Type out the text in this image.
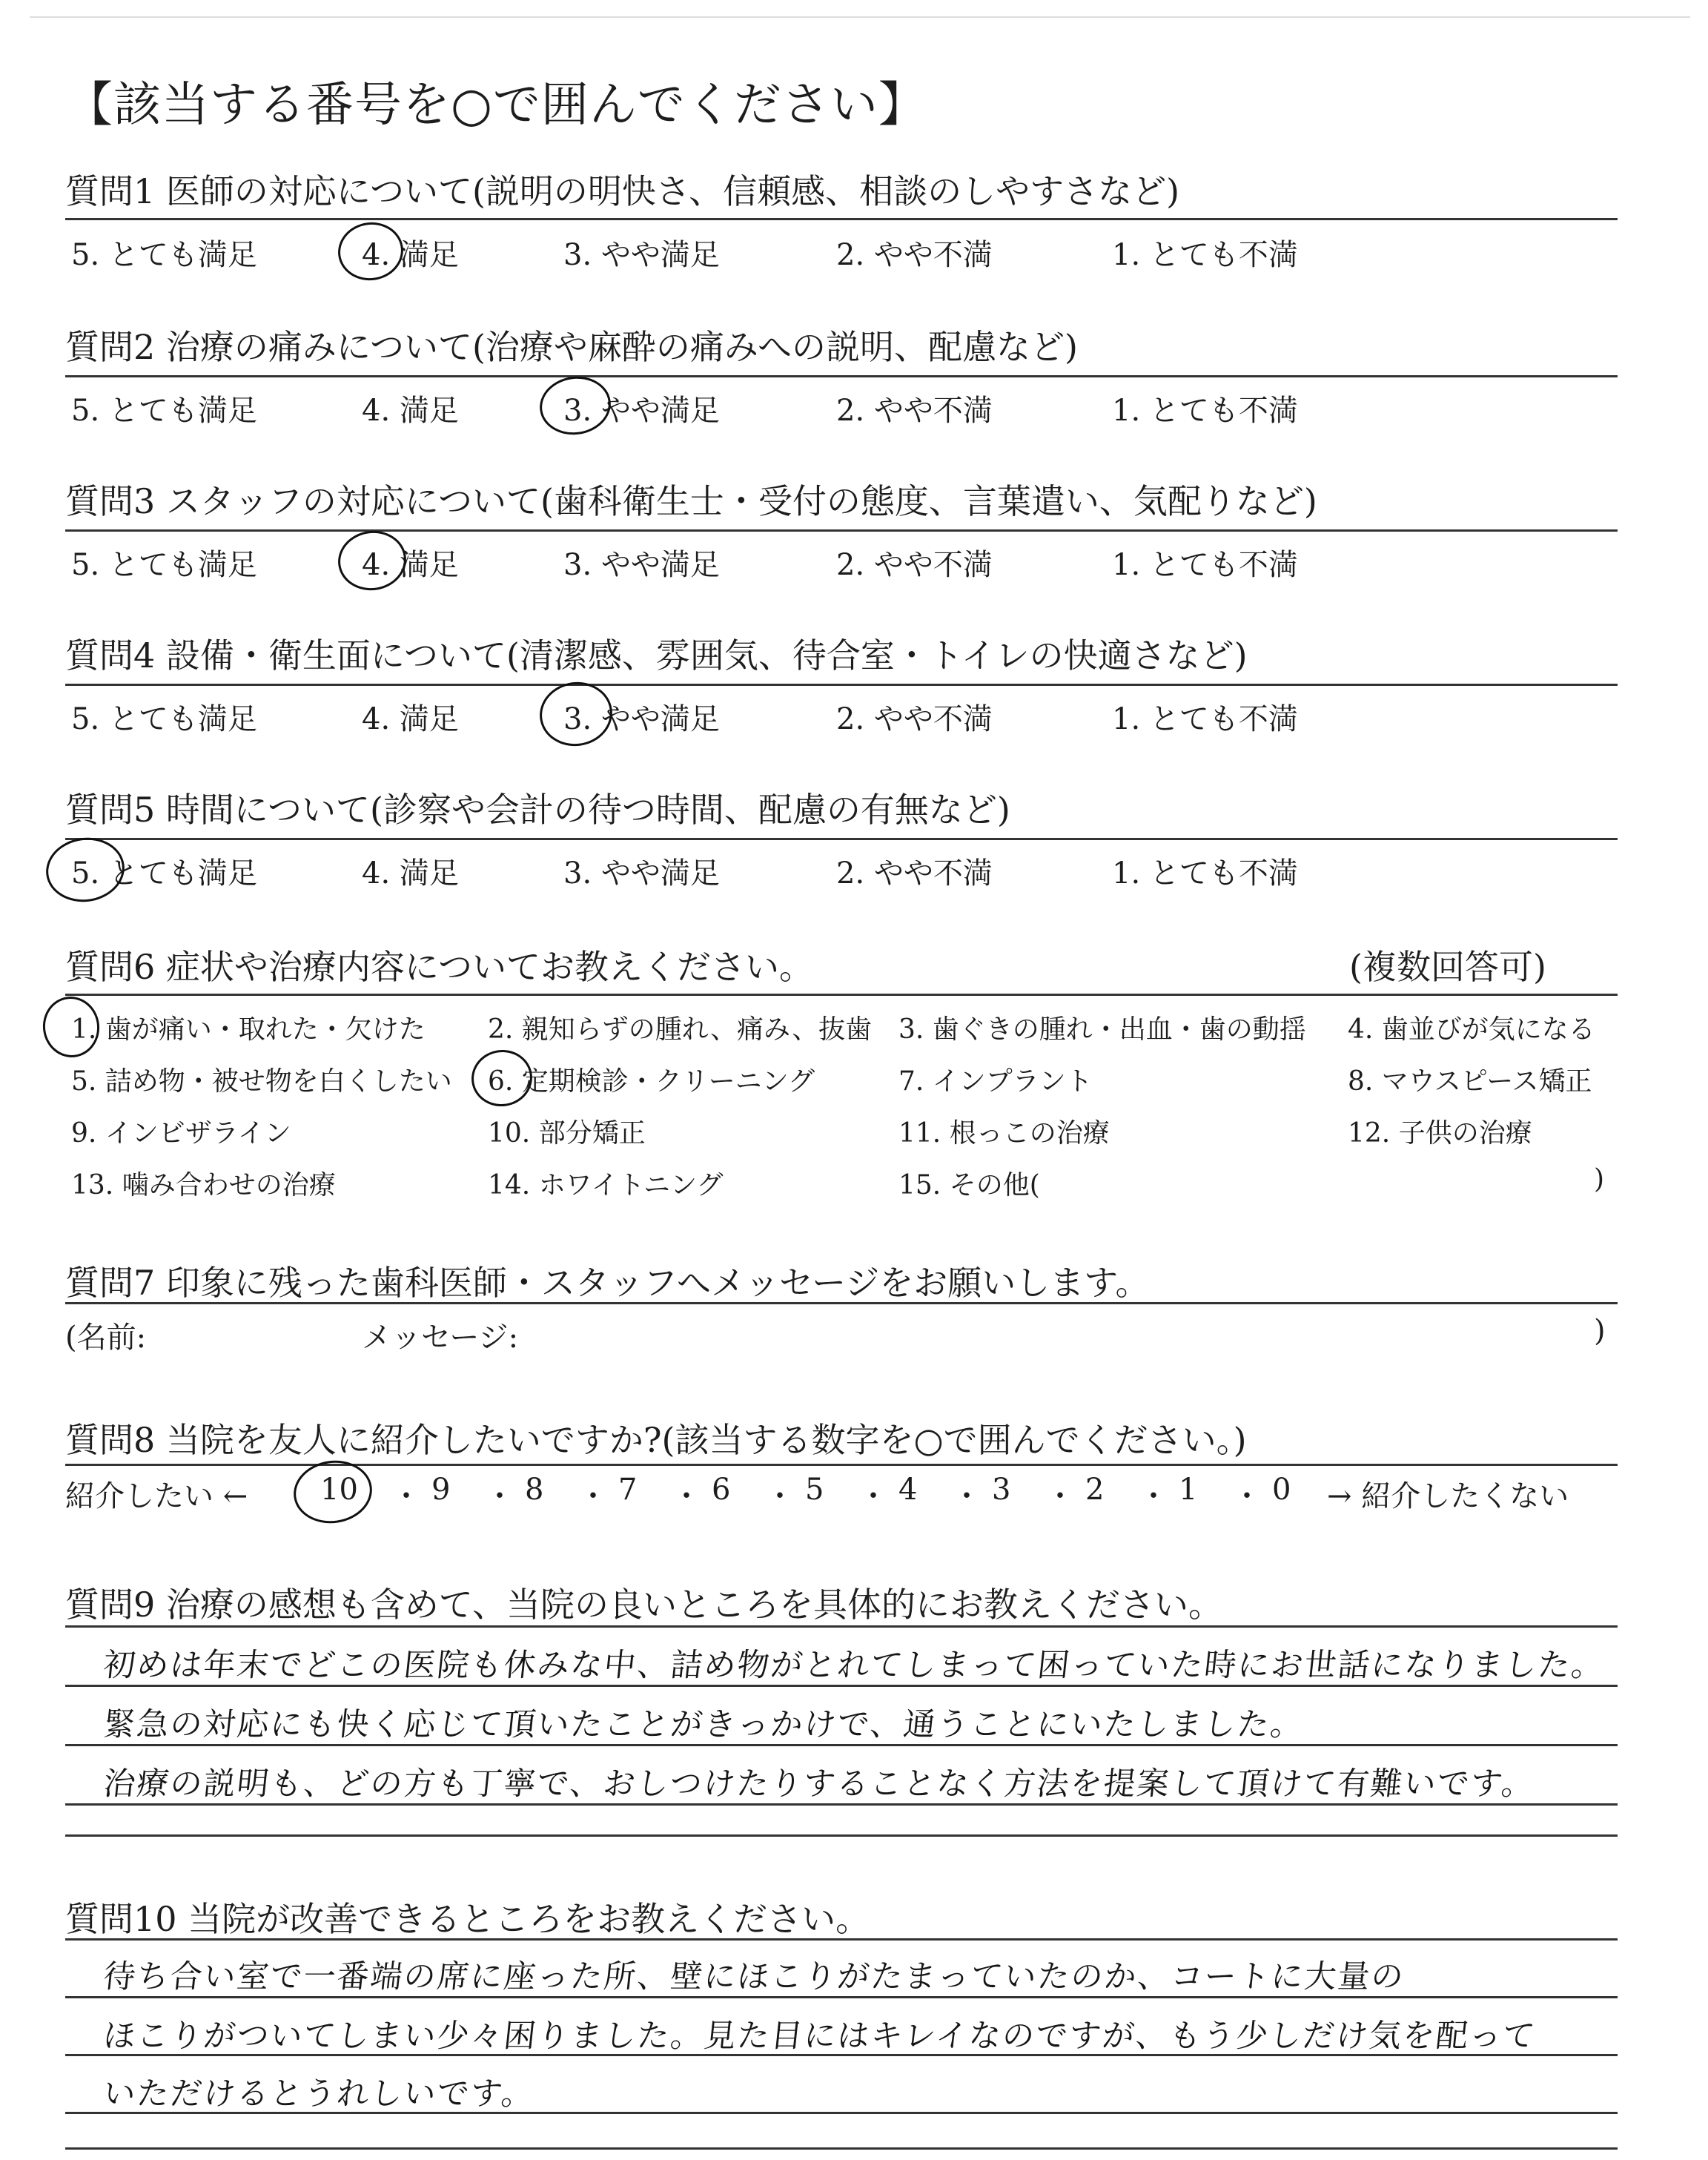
【該当する番号を○で囲んでください】
質問1 医師の対応について(説明の明快さ、信頼感、相談のしやすさなど)
5. とても満足	4. 満足	3. やや満足	2. やや不満	1. とても不満
質問2 治療の痛みについて(治療や麻酔の痛みへの説明、配慮など)
5. とても満足	4. 満足	3. やや満足	2. やや不満	1. とても不満
質問3 スタッフの対応について(歯科衛生士・受付の態度、言葉遣い、気配りなど)
5. とても満足	4. 満足	3. やや満足	2. やや不満	1. とても不満
質問4 設備・衛生面について(清潔感、雰囲気、待合室・トイレの快適さなど)
5. とても満足	4. 満足	3. やや満足	2. やや不満	1. とても不満
質問5 時間について(診察や会計の待つ時間、配慮の有無など)
5. とても満足	4. 満足	3. やや満足	2. やや不満	1. とても不満
質問6 症状や治療内容についてお教えください。	(複数回答可)
1. 歯が痛い・取れた・欠けた 2. 親知らずの腫れ、痛み、抜歯 3. 歯ぐきの腫れ・出血・歯の動揺 4. 歯並びが気になる
5. 詰め物・被せ物を白くしたい 6. 定期検診・クリーニング	7. インプラント	8. マウスピース矯正
9. インビザライン	10. 部分矯正	11. 根っこの治療	12. 子供の治療
13. 噛み合わせの治療	14. ホワイトニング	15. その他(	)
質問7 印象に残った歯科医師・スタッフへメッセージをお願いします。
(名前:	メッセージ:	)
質問8 当院を友人に紹介したいですか?(該当する数字を○で囲んでください。)
紹介したい ← 10 ・ 9 ・ 8 ・ 7 ・ 6 ・ 5 ・ 4 ・ 3 ・ 2 ・ 1 ・ 0 → 紹介したくない
質問9 治療の感想も含めて、当院の良いところを具体的にお教えください。
初めは年末でどこの医院も休みな中、詰め物がとれてしまって困っていた時にお世話になりました。
緊急の対応にも快く応じて頂いたことがきっかけで、通うことにいたしました。
治療の説明も、どの方も丁寧で、おしつけたりすることなく方法を提案して頂けて有難いです。
質問10 当院が改善できるところをお教えください。
待ち合い室で一番端の席に座った所、壁にほこりがたまっていたのか、コートに大量の
ほこりがついてしまい少々困りました。見た目にはキレイなのですが、もう少しだけ気を配って
いただけるとうれしいです。
